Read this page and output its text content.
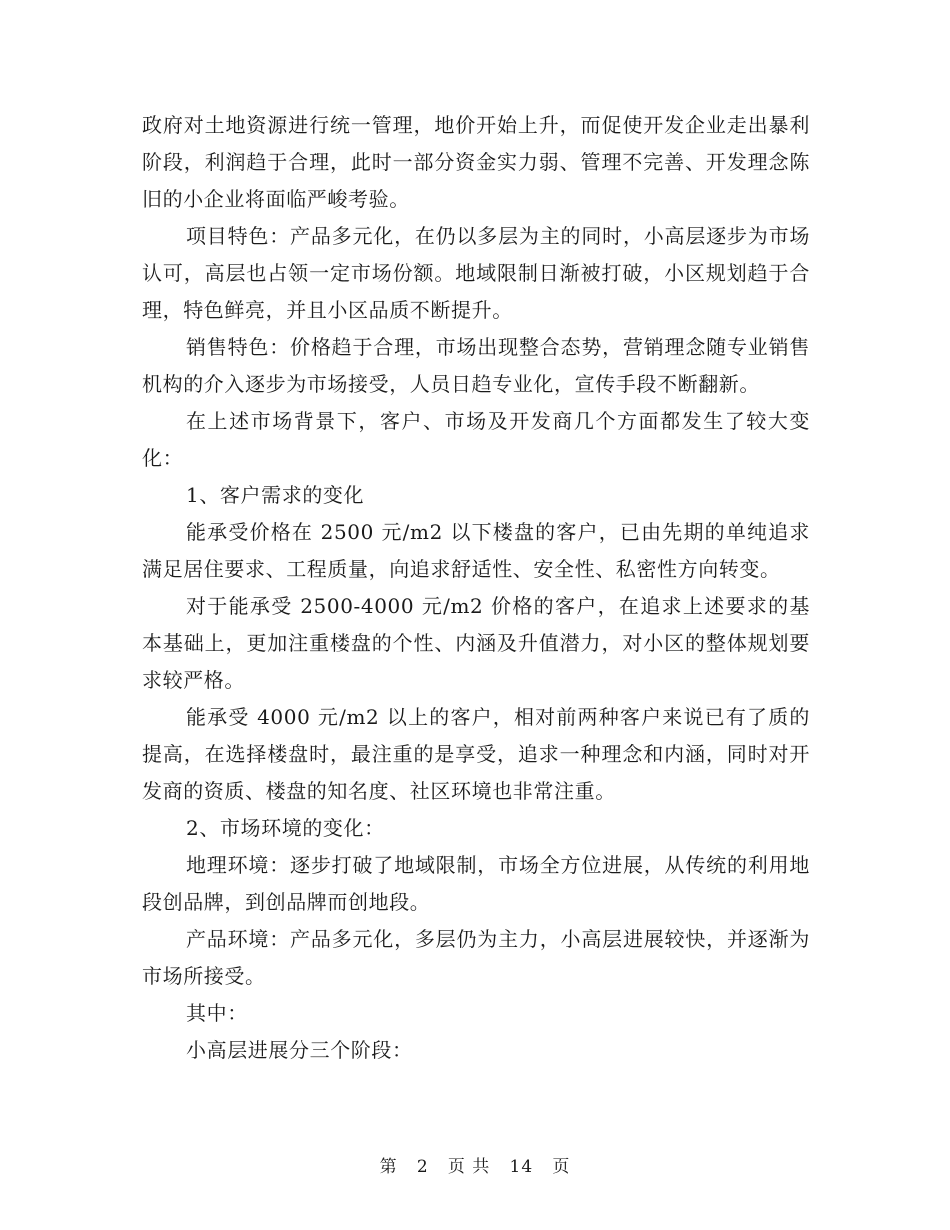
政府对土地资源进行统一管理，地价开始上升，而促使开发企业走出暴利阶段，利润趋于合理，此时一部分资金实力弱、管理不完善、开发理念陈旧的小企业将面临严峻考验。

项目特色：产品多元化，在仍以多层为主的同时，小高层逐步为市场认可，高层也占领一定市场份额。地域限制日渐被打破，小区规划趋于合理，特色鲜亮，并且小区品质不断提升。

销售特色：价格趋于合理，市场出现整合态势，营销理念随专业销售机构的介入逐步为市场接受，人员日趋专业化，宣传手段不断翻新。

在上述市场背景下，客户、市场及开发商几个方面都发生了较大变化：

1、客户需求的变化

能承受价格在 2500 元/m2 以下楼盘的客户，已由先期的单纯追求满足居住要求、工程质量，向追求舒适性、安全性、私密性方向转变。

对于能承受 2500-4000 元/m2 价格的客户，在追求上述要求的基本基础上，更加注重楼盘的个性、内涵及升值潜力，对小区的整体规划要求较严格。

能承受 4000 元/m2 以上的客户，相对前两种客户来说已有了质的提高，在选择楼盘时，最注重的是享受，追求一种理念和内涵，同时对开发商的资质、楼盘的知名度、社区环境也非常注重。

2、市场环境的变化：

地理环境：逐步打破了地域限制，市场全方位进展，从传统的利用地段创品牌，到创品牌而创地段。

产品环境：产品多元化，多层仍为主力，小高层进展较快，并逐渐为市场所接受。

其中：

小高层进展分三个阶段：

第 2 页 共 14 页
